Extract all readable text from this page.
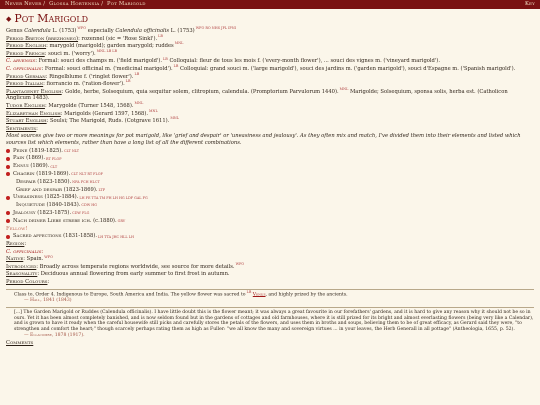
Never Never / Glossa Hortensia / Pot Marigold	Key
◆ Pot Marigold

Genus Calendula L. $(1753)^{WFO}$ especially Calendula officinalis L. $(1753)^{WFO RO NHS JPL IPNI}$

Period Breton (brezhoneg): rozennel (sic = 'Rose Sinkl').$^{LB}$

Period English: marygold (marigold); garden marygold; ruddes$^{MNL}$

Period French: souci m. ('worry').$^{MNL LB LB}$

C. arvensis: Formal: souci des champs m. ('field marigold').$^{LB}$ Colloquial: fleur de tous les mois f. ('every-month flower'), ... souci des vignes m. ('vineyard marigold').

C. officinalis: Formal: souci officinal m. ('medicinal marigold').$^{LB}$ Colloquial: grand souci m. ('large marigold'), souci des jardins m. ('garden marigold'), souci d'Espagne m. ('Spanish marigold').

Period German: Ringelblume f. ('ringlet flower').$^{LB}$

Period Italian: fiorrancio m. ('ration-flower').$^{LB}$

Plantagenet English: Golde, herbe, Solsequium, quia sequitur solem, clitropium, calendula. (Promptorium Parvulorum 1440).$^{MNL}$ Marigolde; Solsequium, sponsa solis, herba est. (Catholicon Anglicum 1483).

Tudor English: Marygolde (Turner 1548, 1568).$^{MNL}$

Elizabethan English: Marigolds (Gerard 1597, 1568).$^{MNL}$

Stuart English: Soulsi; The Marigold, Ruds. (Cotgrave 1611).$^{MNL}$

Sentiments:

Most sources give two or more meanings for pot marigold, like 'grief and despair' or 'uneasiness and jealousy'. As they often mix and match, I've divided them into their elements and listed which sources list which elements, rather than have a long list of all the different combinations.

Peine
(1819-1825). CLT NLT
Pain
(1869). RT FLOP
Ennui
(1869). CLT
Chagrin
(1819-1869). CLT NLT RT FLOP
Despair
(1823-1850). NFA FCH HLCT
Grief and despair
(1823-1869). LTF
Uneasiness
(1825-1884). LH FE TTA TM FH LH HG LDF GAL FG
Inquietude
(1840-1843). CDW HG
Jealousy
(1823-1875). CDW FLG
Nach deiner Liebe strebe ich.
(c.1880). GRV
Fellow!
Sacred affections
(1831-1858). LH TTA JHC HLL LH

Region:

C. officinalis:

Native: Spain.$^{WFO}$

Introduced: Broadly across temperate regions worldwide, see source for more details.$^{WFO}$

Seasonality: Deciduous annual flowering from early summer to first frost in autumn.

Period Colours:

Class to, Order 4. Indigenous to Europe, South America and India. The yellow flower was sacred $to^{LB}$ Venus, and highly prized by the ancients.
— Hall, 1841 (1843)

[...] The Garden Marigold or Ruddes (Calendula officinalis). I have little doubt this is the flower meant; it was always a great favourite in our forefathers' gardens, and it is hard to give any reason why it should not be so in ours. Yet it has been almost completely banished, and is now seldom found but in the gardens of cottages and old farmhouses, where it is still prized for its bright and almost everlasting flowers (being very like a Calendar), and is grown to have it ready when the careful housewife still picks and carefully stores the petals of the flowers, and uses them in broths and soups, believing them to be of great efficacy, as Gerard said they were, "to strengthen and comfort the heart;" though scarcely perhaps rating them as high as Fuller: "we all know the many and sovereign virtues ... in your leaves, the Herb Generall in all pottage" (Antheologia, 1655, p. 52).
— Ellacombe, 1878 (1917).

Comments
